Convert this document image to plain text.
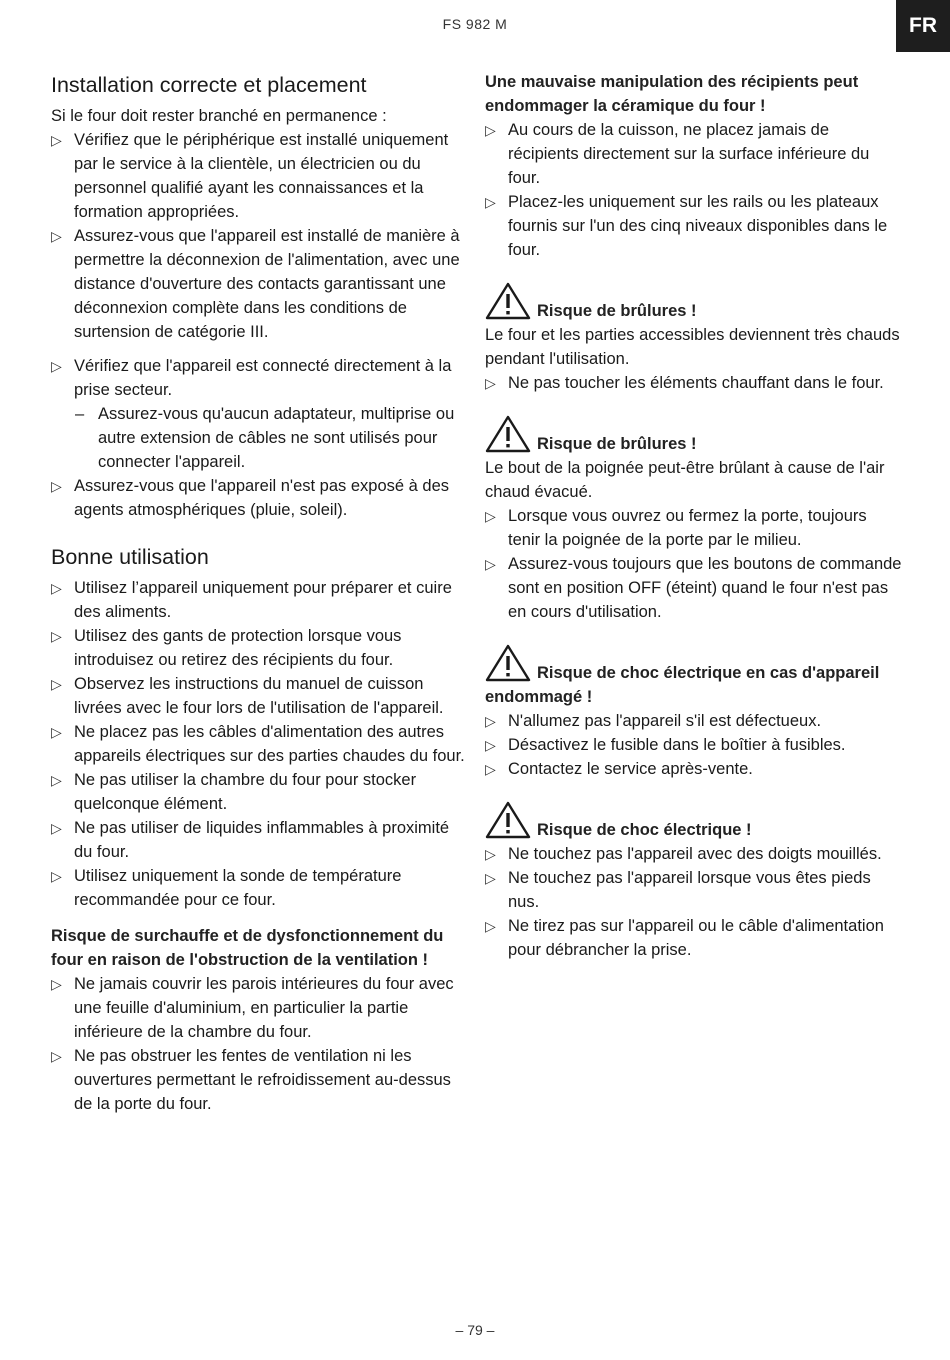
FS 982 M	FR
Installation correcte et placement

Si le four doit rester branché en permanence :

▷ Vérifiez que le périphérique est installé uniquement par le service à la clientèle, un électricien ou du personnel qualifié ayant les connaissances et la formation appropriées.
▷ Assurez-vous que l'appareil est installé de manière à permettre la déconnexion de l'alimentation, avec une distance d'ouverture des contacts garantissant une déconnexion complète dans les conditions de surtension de catégorie III.
▷ Vérifiez que l'appareil est connecté directement à la prise secteur.
– Assurez-vous qu'aucun adaptateur, multiprise ou autre extension de câbles ne sont utilisés pour connecter l'appareil.
▷ Assurez-vous que l'appareil n'est pas exposé à des agents atmosphériques (pluie, soleil).
Bonne utilisation
▷ Utilisez l’appareil uniquement pour préparer et cuire des aliments.
▷ Utilisez des gants de protection lorsque vous introduisez ou retirez des récipients du four.
▷ Observez les instructions du manuel de cuisson livrées avec le four lors de l'utilisation de l'appareil.
▷ Ne placez pas les câbles d'alimentation des autres appareils électriques sur des parties chaudes du four.
▷ Ne pas utiliser la chambre du four pour stocker quelconque élément.
▷ Ne pas utiliser de liquides inflammables à proximité du four.
▷ Utilisez uniquement la sonde de température recommandée pour ce four.

Risque de surchauffe et de dysfonctionnement du four en raison de l'obstruction de la ventilation !

▷ Ne jamais couvrir les parois intérieures du four avec une feuille d'aluminium, en particulier la partie inférieure de la chambre du four.
▷ Ne pas obstruer les fentes de ventilation ni les ouvertures permettant le refroidissement au-dessus de la porte du four.

Une mauvaise manipulation des récipients peut endommager la céramique du four !

▷ Au cours de la cuisson, ne placez jamais de récipients directement sur la surface inférieure du four.
▷ Placez-les uniquement sur les rails ou les plateaux fournis sur l'un des cinq niveaux disponibles dans le four.

Risque de brûlures !

Le four et les parties accessibles deviennent très chauds pendant l'utilisation.

▷ Ne pas toucher les éléments chauffant dans le four.

Risque de brûlures !

Le bout de la poignée peut-être brûlant à cause de l'air chaud évacué.

▷ Lorsque vous ouvrez ou fermez la porte, toujours tenir la poignée de la porte par le milieu.
▷ Assurez-vous toujours que les boutons de commande sont en position OFF (éteint) quand le four n'est pas en cours d'utilisation.

Risque de choc électrique en cas d'appareil endommagé !

▷ N'allumez pas l'appareil s'il est défectueux.
▷ Désactivez le fusible dans le boîtier à fusibles.
▷ Contactez le service après-vente.

Risque de choc électrique !

▷ Ne touchez pas l'appareil avec des doigts mouillés.
▷ Ne touchez pas l'appareil lorsque vous êtes pieds nus.
▷ Ne tirez pas sur l'appareil ou le câble d'alimentation pour débrancher la prise.
– 79 –
